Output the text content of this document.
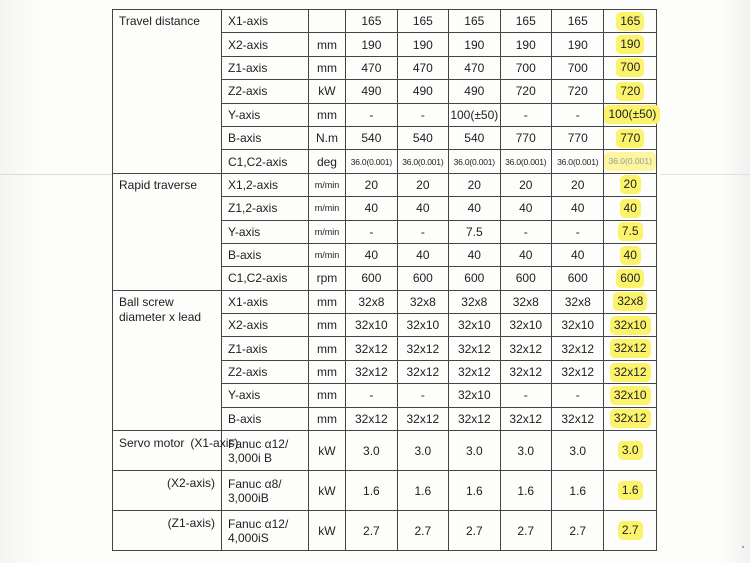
Travel distance	X1-axis		165	165	165	165	165	165
	X2-axis	mm	190	190	190	190	190	190
	Z1-axis	mm	470	470	470	700	700	700
	Z2-axis	kW	490	490	490	720	720	720
	Y-axis	mm	-	-	100(±50)	-	-	100(±50)
	B-axis	N.m	540	540	540	770	770	770
	C1,C2-axis	deg	36.0(0.001)	36.0(0.001)	36.0(0.001)	36.0(0.001)	36.0(0.001)	36.0(0.001)
Rapid traverse	X1,2-axis	m/min	20	20	20	20	20	20
	Z1,2-axis	m/min	40	40	40	40	40	40
	Y-axis	m/min	-	-	7.5	-	-	7.5
	B-axis	m/min	40	40	40	40	40	40
	C1,C2-axis	rpm	600	600	600	600	600	600
Ball screw diameter x lead	X1-axis	mm	32x8	32x8	32x8	32x8	32x8	32x8
	X2-axis	mm	32x10	32x10	32x10	32x10	32x10	32x10
	Z1-axis	mm	32x12	32x12	32x12	32x12	32x12	32x12
	Z2-axis	mm	32x12	32x12	32x12	32x12	32x12	32x12
	Y-axis	mm	-	-	32x10	-	-	32x10
	B-axis	mm	32x12	32x12	32x12	32x12	32x12	32x12
Servo motor (X1-axis)	Fanuc α12/ 3,000i B	kW	3.0	3.0	3.0	3.0	3.0	3.0
(X2-axis)	Fanuc α8/ 3,000iB	kW	1.6	1.6	1.6	1.6	1.6	1.6
(Z1-axis)	Fanuc α12/ 4,000iS	kW	2.7	2.7	2.7	2.7	2.7	2.7
